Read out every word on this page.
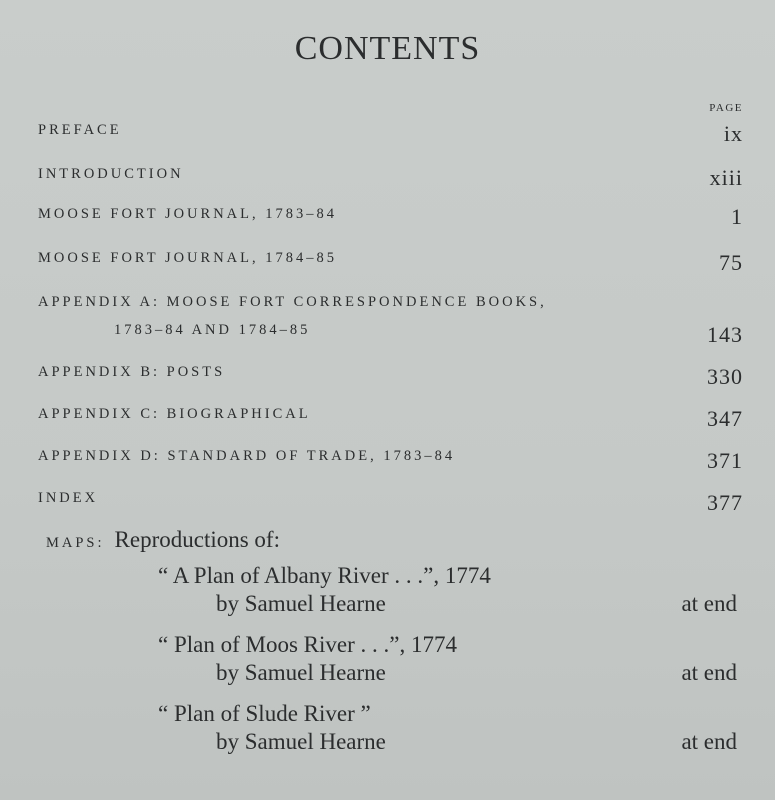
CONTENTS
PAGE
PREFACE	ix
INTRODUCTION	xiii
MOOSE FORT JOURNAL, 1783–84	1
MOOSE FORT JOURNAL, 1784–85	75
APPENDIX A: MOOSE FORT CORRESPONDENCE BOOKS,
1783–84 AND 1784–85	143
APPENDIX B: POSTS	330
APPENDIX C: BIOGRAPHICAL	347
APPENDIX D: STANDARD OF TRADE, 1783–84	371
INDEX	377
MAPS: Reproductions of:
“ A Plan of Albany River . . .”, 1774
by Samuel Hearne	at end
“ Plan of Moos River . . .”, 1774
by Samuel Hearne	at end
“ Plan of Slude River ”
by Samuel Hearne	at end
